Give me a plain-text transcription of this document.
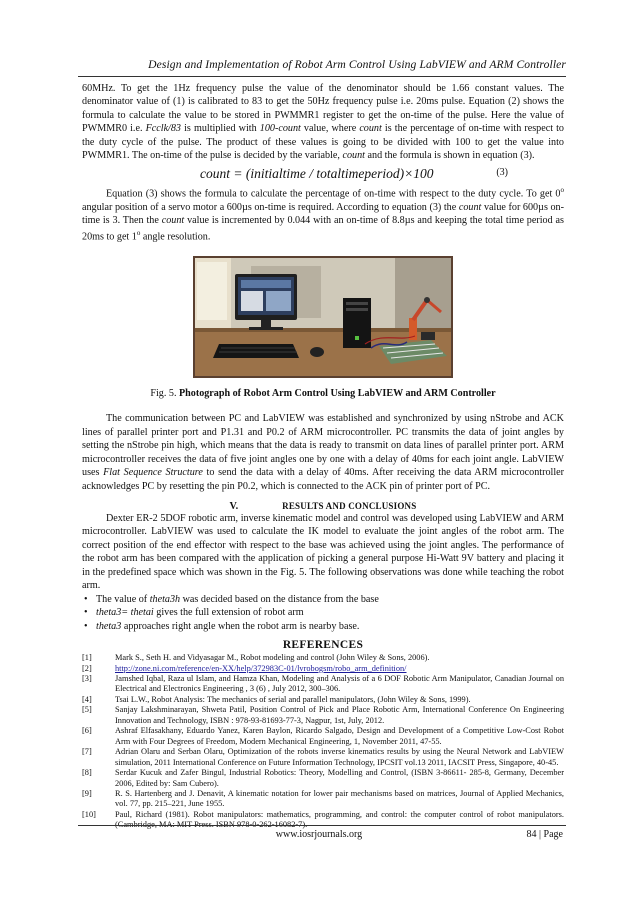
Design and Implementation of Robot Arm Control Using LabVIEW and ARM Controller

60MHz. To get the 1Hz frequency pulse the value of the denominator should be 1.66 constant values. The denominator value of (1) is calibrated to 83 to get the 50Hz frequency pulse i.e. 20ms pulse. Equation (2) shows the formula to calculate the value to be stored in PWMMR1 register to get the on-time of the pulse. Here the value of PWMMR0 i.e. Fcclk/83 is multiplied with 100-count value, where count is the percentage of on-time with respect to the duty cycle of the pulse. The product of these values is going to be divided with 100 to get the value into PWMMR1. The on-time of the pulse is decided by the variable, count and the formula is shown in equation (3).

count = (initialtime / totaltimeperiod)×100	(3)

Equation (3) shows the formula to calculate the percentage of on-time with respect to the duty cycle. To get 0$^o$ angular position of a servo motor a 600µs on-time is required. According to equation (3) the count value for 600µs on-time is 3. Then the count value is incremented by 0.044 with an on-time of 8.8µs and keeping the total time period as 20ms to get 1$^o$ angle resolution.

Fig. 5. Photograph of Robot Arm Control Using LabVIEW and ARM Controller

The communication between PC and LabVIEW was established and synchronized by using nStrobe and ACK lines of parallel printer port and P1.31 and P0.2 of ARM microcontroller. PC transmits the data of joint angles by setting the nStrobe pin high, which means that the data is ready to transmit on data lines of parallel printer port. ARM microcontroller receives the data of five joint angles one by one with a delay of 40ms for each joint angle. LabVIEW uses Flat Sequence Structure to send the data with a delay of 40ms. After receiving the data ARM microcontroller acknowledges PC by resetting the pin P0.2, which is connected to the ACK pin of printer port of PC.

V.	RESULTS AND CONCLUSIONS

Dexter ER-2 5DOF robotic arm, inverse kinematic model and control was developed using LabVIEW and ARM microcontroller. LabVIEW was used to calculate the IK model to evaluate the joint angles of the robot arm. The correct position of the end effector with respect to the base was achieved using the joint angles. The performance of the robot arm has been compared with the application of picking a general purpose Hi-Watt 9V battery and placing it in the predefined space which was shown in the Fig. 5. The following observations was done while teaching the robot arm.

• The value of theta3h was decided based on the distance from the base
• theta3= thetai gives the full extension of robot arm
• theta3 approaches right angle when the robot arm is nearby base.
REFERENCES
[1]	Mark S., Seth H. and Vidyasagar M., Robot modeling and control (John Wiley & Sons, 2006).
[2]	http://zone.ni.com/reference/en-XX/help/372983C-01/lvrobogsm/robo_arm_definition/
[3]	Jamshed Iqbal, Raza ul Islam, and Hamza Khan, Modeling and Analysis of a 6 DOF Robotic Arm Manipulator, Canadian Journal on Electrical and Electronics Engineering , 3 (6) , July 2012, 300–306.
[4]	Tsai L.W., Robot Analysis: The mechanics of serial and parallel manipulators, (John Wiley & Sons, 1999).
[5]	Sanjay Lakshminarayan, Shweta Patil, Position Control of Pick and Place Robotic Arm, International Conference On Engineering Innovation and Technology, ISBN : 978-93-81693-77-3, Nagpur, 1st, July, 2012.
[6]	Ashraf Elfasakhany, Eduardo Yanez, Karen Baylon, Ricardo Salgado, Design and Development of a Competitive Low-Cost Robot Arm with Four Degrees of Freedom, Modern Mechanical Engineering, 1, November 2011, 47-55.
[7]	Adrian Olaru and Serban Olaru, Optimization of the robots inverse kinematics results by using the Neural Network and LabVIEW simulation, 2011 International Conference on Future Information Technology, IPCSIT vol.13 2011, IACSIT Press, Singapore, 40-45.
[8]	Serdar Kucuk and Zafer Bingul, Industrial Robotics: Theory, Modelling and Control, (ISBN 3-86611- 285-8, Germany, December 2006, Edited by: Sam Cubero).
[9]	R. S. Hartenberg and J. Denavit, A kinematic notation for lower pair mechanisms based on matrices, Journal of Applied Mechanics, vol. 77, pp. 215–221, June 1955.
[10] Paul, Richard (1981). Robot manipulators: mathematics, programming, and control: the computer control of robot manipulators.(Cambridge, MA: MIT Press. ISBN 978-0-262-16082-7).
www.iosrjournals.org	84 | Page
